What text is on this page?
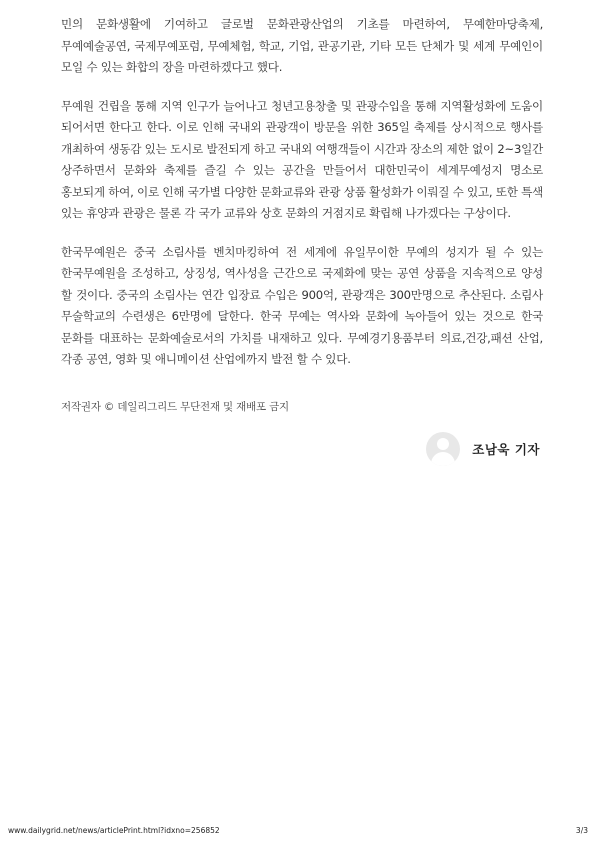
민의 문화생활에 기여하고 글로벌 문화관광산업의 기초를 마련하여, 무예한마당축제, 무예예술공연, 국제무예포럼, 무예체험, 학교, 기업, 관공기관, 기타 모든 단체가 및 세계 무예인이 모일 수 있는 화합의 장을 마련하겠다고 했다.

무예원 건립을 통해 지역 인구가 늘어나고 청년고용창출 및 관광수입을 통해 지역활성화에 도움이 되어서면 한다고 한다. 이로 인해 국내외 관광객이 방문을 위한 365일 축제를 상시적으로 행사를 개최하여 생동감 있는 도시로 발전되게 하고 국내외 여행객들이 시간과 장소의 제한 없이 2~3일간 상주하면서 문화와 축제를 즐길 수 있는 공간을 만들어서 대한민국이 세계무예성지 명소로 홍보되게 하여, 이로 인해 국가별 다양한 문화교류와 관광 상품 활성화가 이뤄질 수 있고, 또한 특색 있는 휴양과 관광은 물론 각 국가 교류와 상호 문화의 거점지로 확립해 나가겠다는 구상이다.

한국무예원은 중국 소림사를 벤치마킹하여 전 세계에 유일무이한 무예의 성지가 될 수 있는 한국무예원을 조성하고, 상징성, 역사성을 근간으로 국제화에 맞는 공연 상품을 지속적으로 양성 할 것이다. 중국의 소림사는 연간 입장료 수입은 900억, 관광객은 300만명으로 추산된다. 소림사 무술학교의 수련생은 6만명에 달한다. 한국 무예는 역사와 문화에 녹아들어 있는 것으로 한국 문화를 대표하는 문화예술로서의 가치를 내재하고 있다. 무예경기용품부터 의료,건강,패션 산업, 각종 공연, 영화 및 애니메이션 산업에까지 발전 할 수 있다.

저작권자 © 데일리그리드 무단전재 및 재배포 금지
조남욱 기자
www.dailygrid.net/news/articlePrint.html?idxno=256852	3/3
